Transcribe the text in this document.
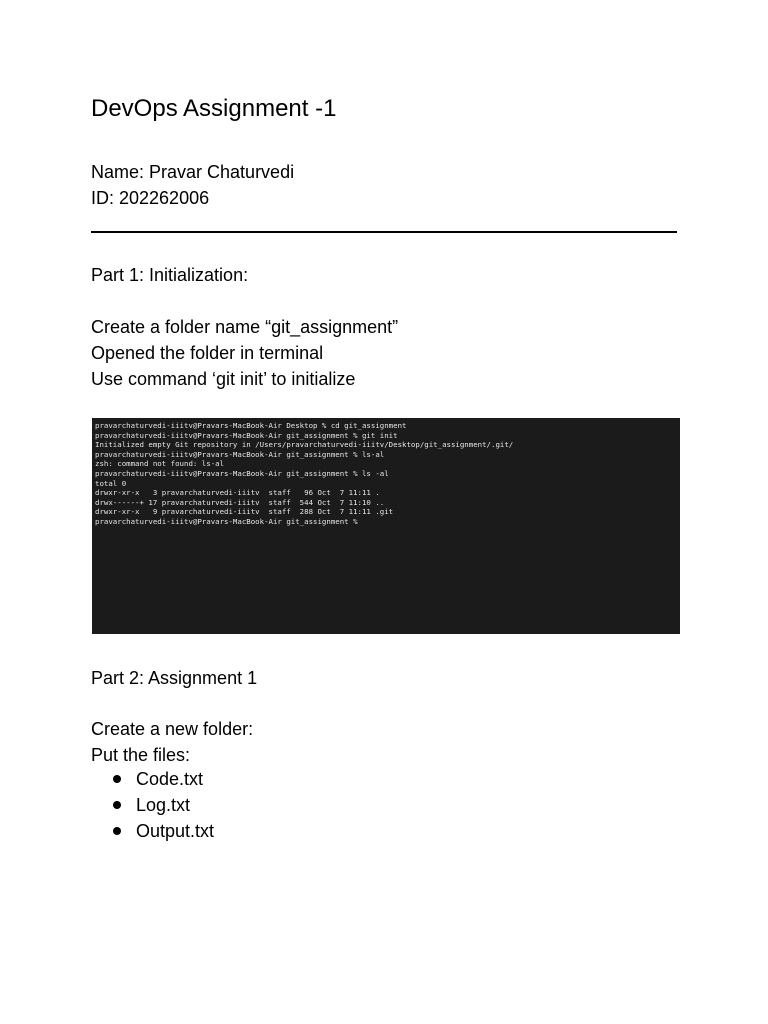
DevOps Assignment -1
Name: Pravar Chaturvedi
ID: 202262006
Part 1: Initialization:
Create a folder name “git_assignment”
Opened the folder in terminal
Use command ‘git init’ to initialize
pravarchaturvedi-iiitv@Pravars-MacBook-Air Desktop % cd git_assignment
pravarchaturvedi-iiitv@Pravars-MacBook-Air git_assignment % git init
Initialized empty Git repository in /Users/pravarchaturvedi-iiitv/Desktop/git_assignment/.git/
pravarchaturvedi-iiitv@Pravars-MacBook-Air git_assignment % ls-al
zsh: command not found: ls-al
pravarchaturvedi-iiitv@Pravars-MacBook-Air git_assignment % ls -al
total 0
drwxr-xr-x   3 pravarchaturvedi-iiitv  staff   96 Oct  7 11:11 .
drwx------+ 17 pravarchaturvedi-iiitv  staff  544 Oct  7 11:10 ..
drwxr-xr-x   9 pravarchaturvedi-iiitv  staff  288 Oct  7 11:11 .git
pravarchaturvedi-iiitv@Pravars-MacBook-Air git_assignment %
Part 2: Assignment 1
Create a new folder:
Put the files:
Code.txt
Log.txt
Output.txt
